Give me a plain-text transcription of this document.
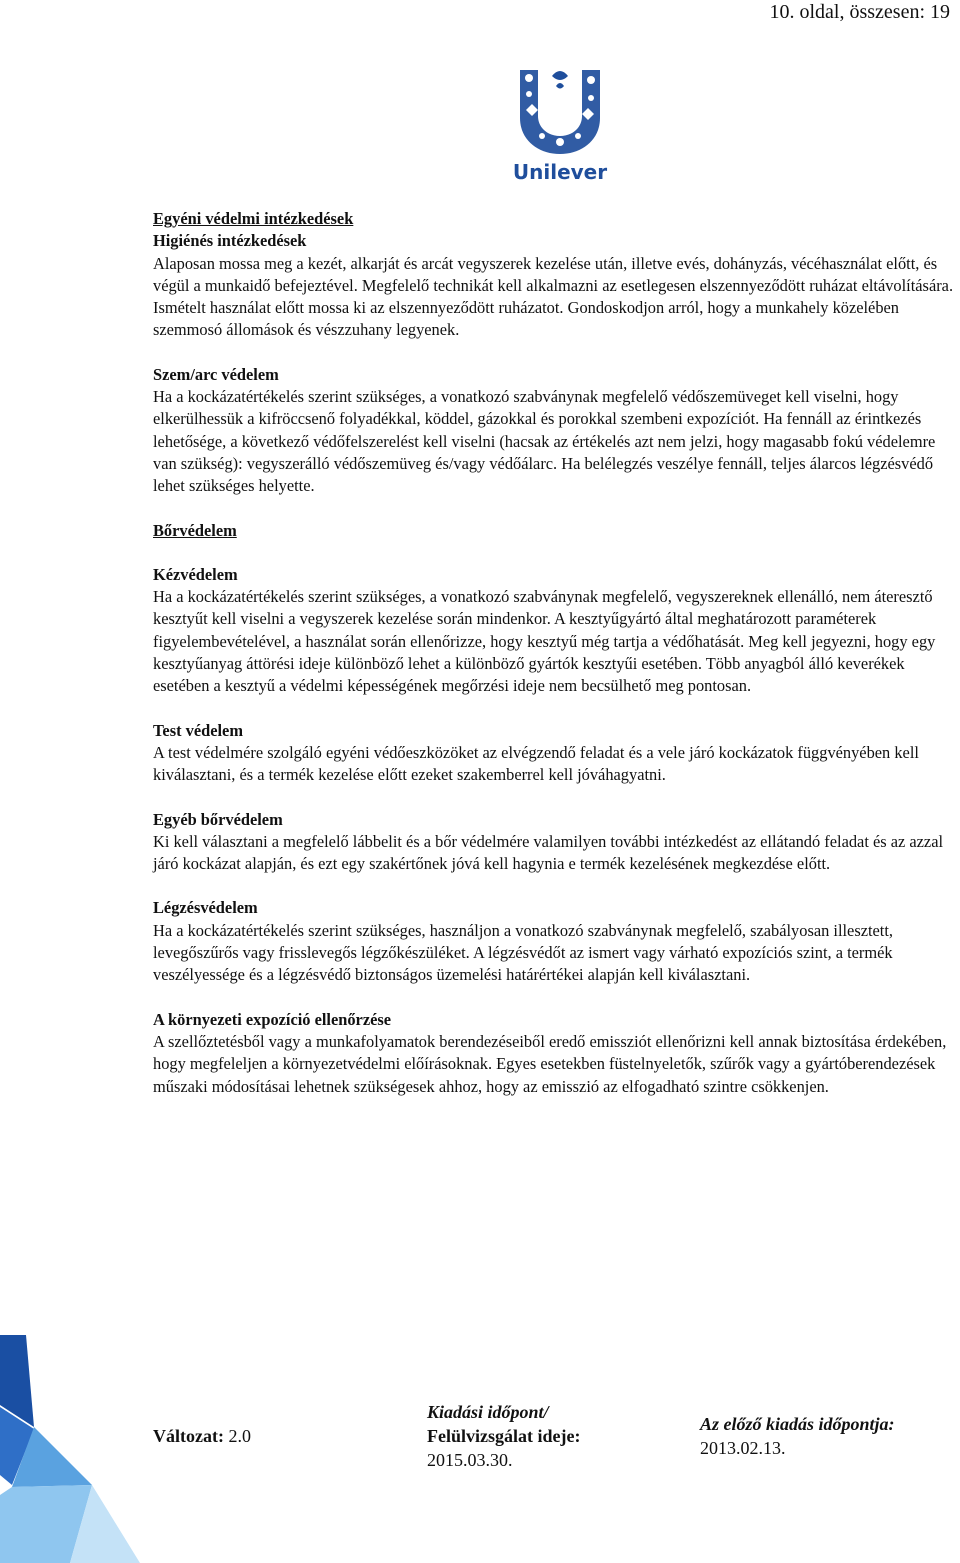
10. oldal, összesen: 19
Unilever

Egyéni védelmi intézkedések

Higiénés intézkedések

Alaposan mossa meg a kezét, alkarját és arcát vegyszerek kezelése után, illetve evés, dohányzás, vécéhasználat előtt, és végül a munkaidő befejeztével. Megfelelő technikát kell alkalmazni az esetlegesen elszennyeződött ruházat eltávolítására. Ismételt használat előtt mossa ki az elszennyeződött ruházatot. Gondoskodjon arról, hogy a munkahely közelében szemmosó állomások és vészzuhany legyenek.

Szem/arc védelem

Ha a kockázatértékelés szerint szükséges, a vonatkozó szabványnak megfelelő védőszemüveget kell viselni, hogy elkerülhessük a kifröccsenő folyadékkal, köddel, gázokkal és porokkal szembeni expozíciót. Ha fennáll az érintkezés lehetősége, a következő védőfelszerelést kell viselni (hacsak az értékelés azt nem jelzi, hogy magasabb fokú védelemre van szükség): vegyszerálló védőszemüveg és/vagy védőálarc. Ha belélegzés veszélye fennáll, teljes álarcos légzésvédő lehet szükséges helyette.

Bőrvédelem

Kézvédelem

Ha a kockázatértékelés szerint szükséges, a vonatkozó szabványnak megfelelő, vegyszereknek ellenálló, nem áteresztő kesztyűt kell viselni a vegyszerek kezelése során mindenkor. A kesztyűgyártó által meghatározott paraméterek figyelembevételével, a használat során ellenőrizze, hogy kesztyű még tartja a védőhatását. Meg kell jegyezni, hogy egy kesztyűanyag áttörési ideje különböző lehet a különböző gyártók kesztyűi esetében. Több anyagból álló keverékek esetében a kesztyű a védelmi képességének megőrzési ideje nem becsülhető meg pontosan.

Test védelem

A test védelmére szolgáló egyéni védőeszközöket az elvégzendő feladat és a vele járó kockázatok függvényében kell kiválasztani, és a termék kezelése előtt ezeket szakemberrel kell jóváhagyatni.

Egyéb bőrvédelem

Ki kell választani a megfelelő lábbelit és a bőr védelmére valamilyen további intézkedést az ellátandó feladat és az azzal járó kockázat alapján, és ezt egy szakértőnek jóvá kell hagynia e termék kezelésének megkezdése előtt.

Légzésvédelem

Ha a kockázatértékelés szerint szükséges, használjon a vonatkozó szabványnak megfelelő, szabályosan illesztett, levegőszűrős vagy frisslevegős légzőkészüléket. A légzésvédőt az ismert vagy várható expozíciós szint, a termék veszélyessége és a légzésvédő biztonságos üzemelési határértékei alapján kell kiválasztani.

A környezeti expozíció ellenőrzése

A szellőztetésből vagy a munkafolyamatok berendezéseiből eredő emissziót ellenőrizni kell annak biztosítása érdekében, hogy megfeleljen a környezetvédelmi előírásoknak. Egyes esetekben füstelnyeletők, szűrők vagy a gyártóberendezések műszaki módosításai lehetnek szükségesek ahhoz, hogy az emisszió az elfogadható szintre csökkenjen.

Változat: 2.0
Kiadási időpont/
Felülvizsgálat ideje:
2015.03.30.
Az előző kiadás időpontja:
2013.02.13.
